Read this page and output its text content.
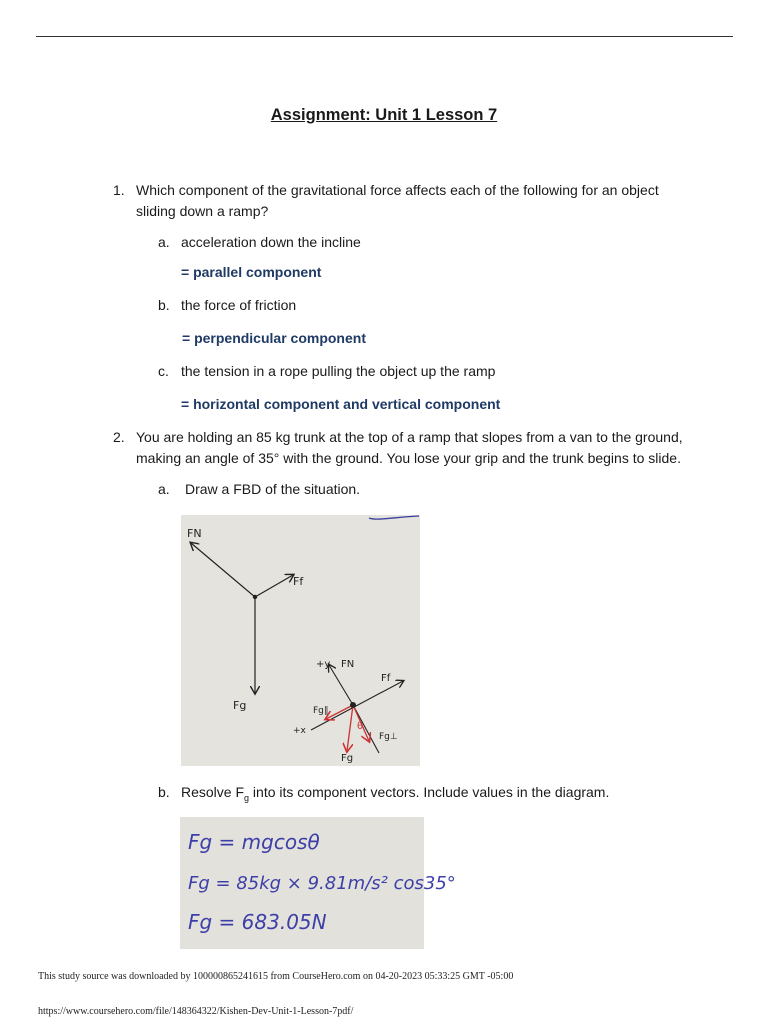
Assignment: Unit 1 Lesson 7
1. Which component of the gravitational force affects each of the following for an object
sliding down a ramp?
a. acceleration down the incline
= parallel component
b. the force of friction
= perpendicular component
c. the tension in a rope pulling the object up the ramp
= horizontal component and vertical component
2. You are holding an 85 kg trunk at the top of a ramp that slopes from a van to the ground,
making an angle of 35° with the ground. You lose your grip and the trunk begins to slide.
a. Draw a FBD of the situation.
FN
Ff
Fg
+y FN
Ff
Fg∥
+x	θ
Fg⊥
Fg
b. Resolve $F_g$ into its component vectors. Include values in the diagram.
Fg = mgcosθ
Fg = 85kg × 9.81m/s² cos35°
Fg = 683.05N
This study source was downloaded by 100000865241615 from CourseHero.com on 04-20-2023 05:33:25 GMT -05:00
https://www.coursehero.com/file/148364322/Kishen-Dev-Unit-1-Lesson-7pdf/
